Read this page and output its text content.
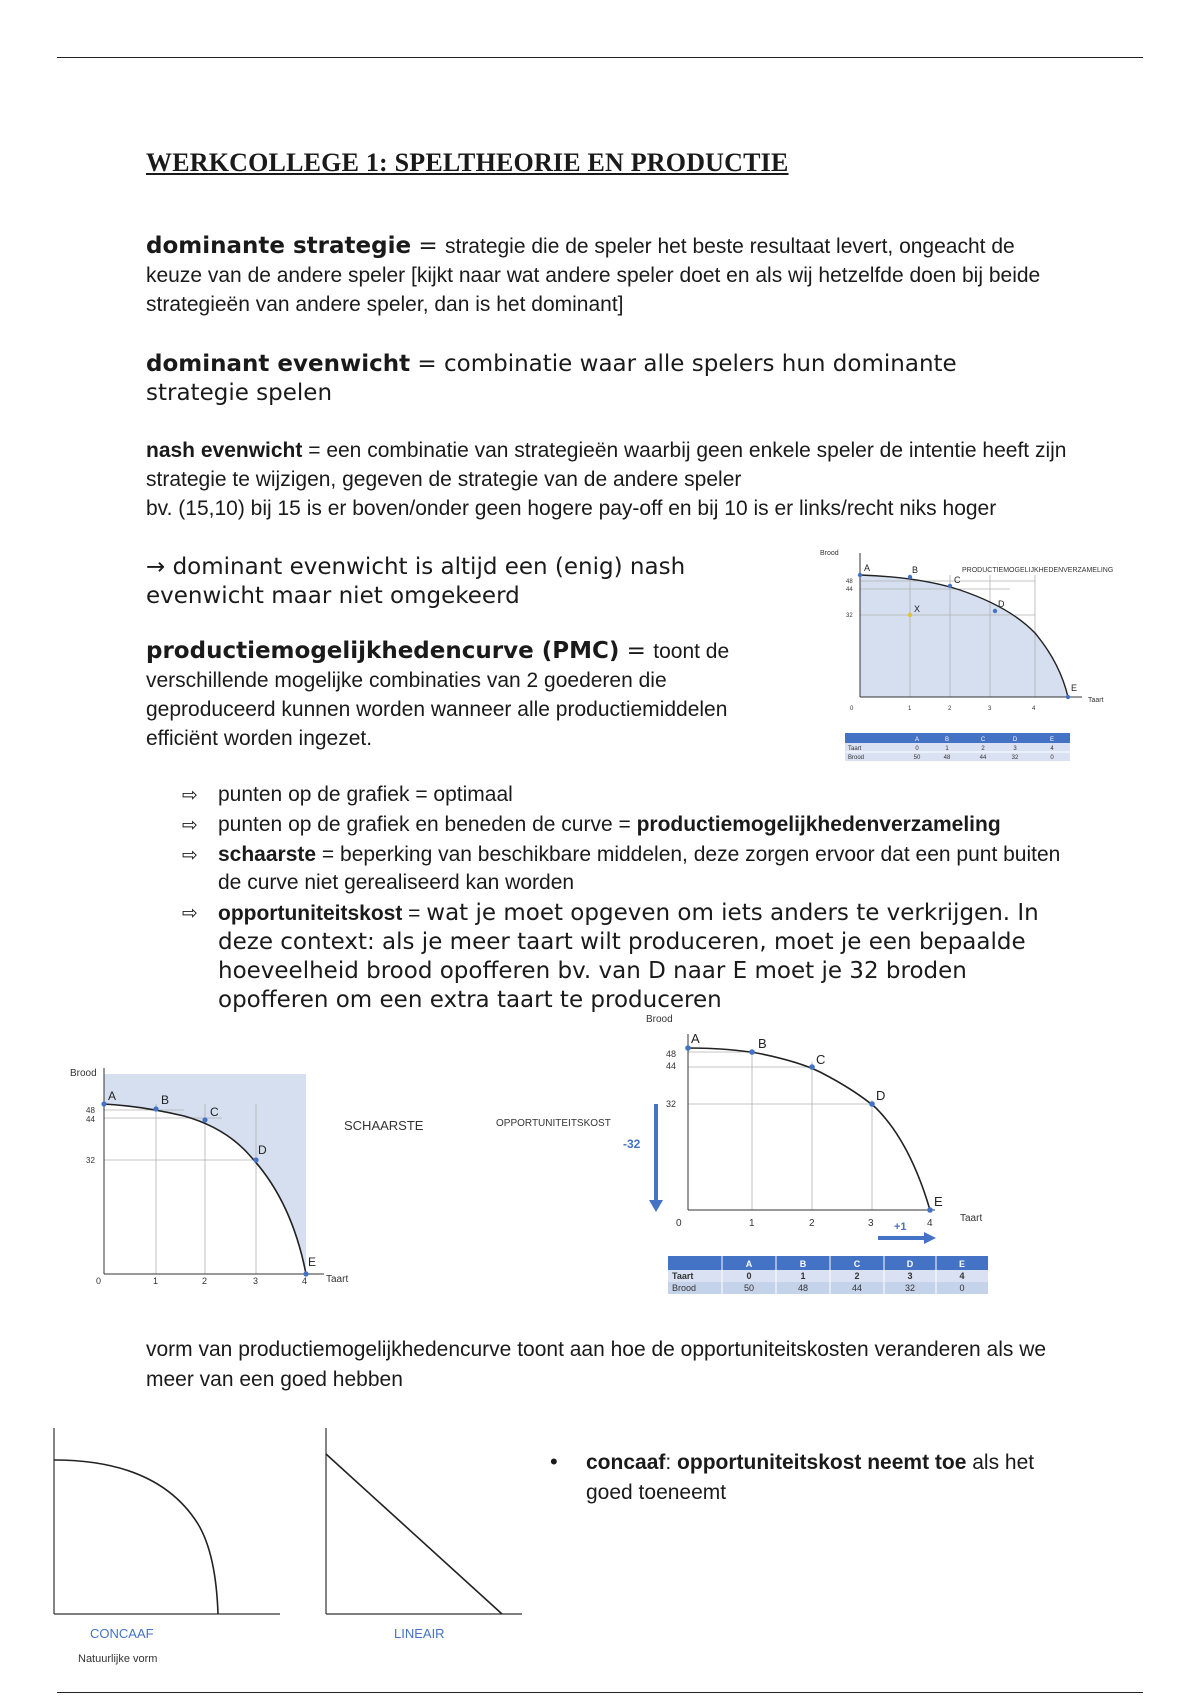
WERKCOLLEGE 1: SPELTHEORIE EN PRODUCTIE
dominante strategie = strategie die de speler het beste resultaat levert, ongeacht de keuze van de andere speler [kijkt naar wat andere speler doet en als wij hetzelfde doen bij beide strategieën van andere speler, dan is het dominant]
dominant evenwicht = combinatie waar alle spelers hun dominante strategie spelen
nash evenwicht = een combinatie van strategieën waarbij geen enkele speler de intentie heeft zijn strategie te wijzigen, gegeven de strategie van de andere speler
bv. (15,10) bij 15 is er boven/onder geen hogere pay-off en bij 10 is er links/recht niks hoger
→ dominant evenwicht is altijd een (enig) nash evenwicht maar niet omgekeerd
productiemogelijkhedencurve (PMC) = toont de verschillende mogelijke combinaties van 2 goederen die geproduceerd kunnen worden wanneer alle productiemiddelen efficiënt worden ingezet.
Brood
Taart
A	B
C
D
E
X
48
44
32
0	1	2	3	4
PRODUCTIEMOGELIJKHEDENVERZAMELING
A	B	C	D	E
Taart	0	1	2	3	4
Brood	50	48	44	32	0
⇨ punten op de grafiek = optimaal
⇨ punten op de grafiek en beneden de curve = productiemogelijkhedenverzameling
⇨ schaarste = beperking van beschikbare middelen, deze zorgen ervoor dat een punt buiten de curve niet gerealiseerd kan worden
⇨ opportuniteitskost = wat je moet opgeven om iets anders te verkrijgen. In deze context: als je meer taart wilt produceren, moet je een bepaalde hoeveelheid brood opofferen bv. van D naar E moet je 32 broden opofferen om een extra taart te produceren
Brood
Taart
A	B
C
D
E
48
44
32
0	1	2	3	4
SCHAARSTE
Brood
Taart
A	B
C
D
E
48
44
32
0	1	2	3	4
OPPORTUNITEITSKOST
-32
+1
A	B	C	D	E
Taart	0	1	2	3	4
Brood	50	48	44	32	0
vorm van productiemogelijkhedencurve toont aan hoe de opportuniteitskosten veranderen als we meer van een goed hebben
CONCAAF
Natuurlijke vorm
LINEAIR
• concaaf: opportuniteitskost neemt toe als het goed toeneemt
